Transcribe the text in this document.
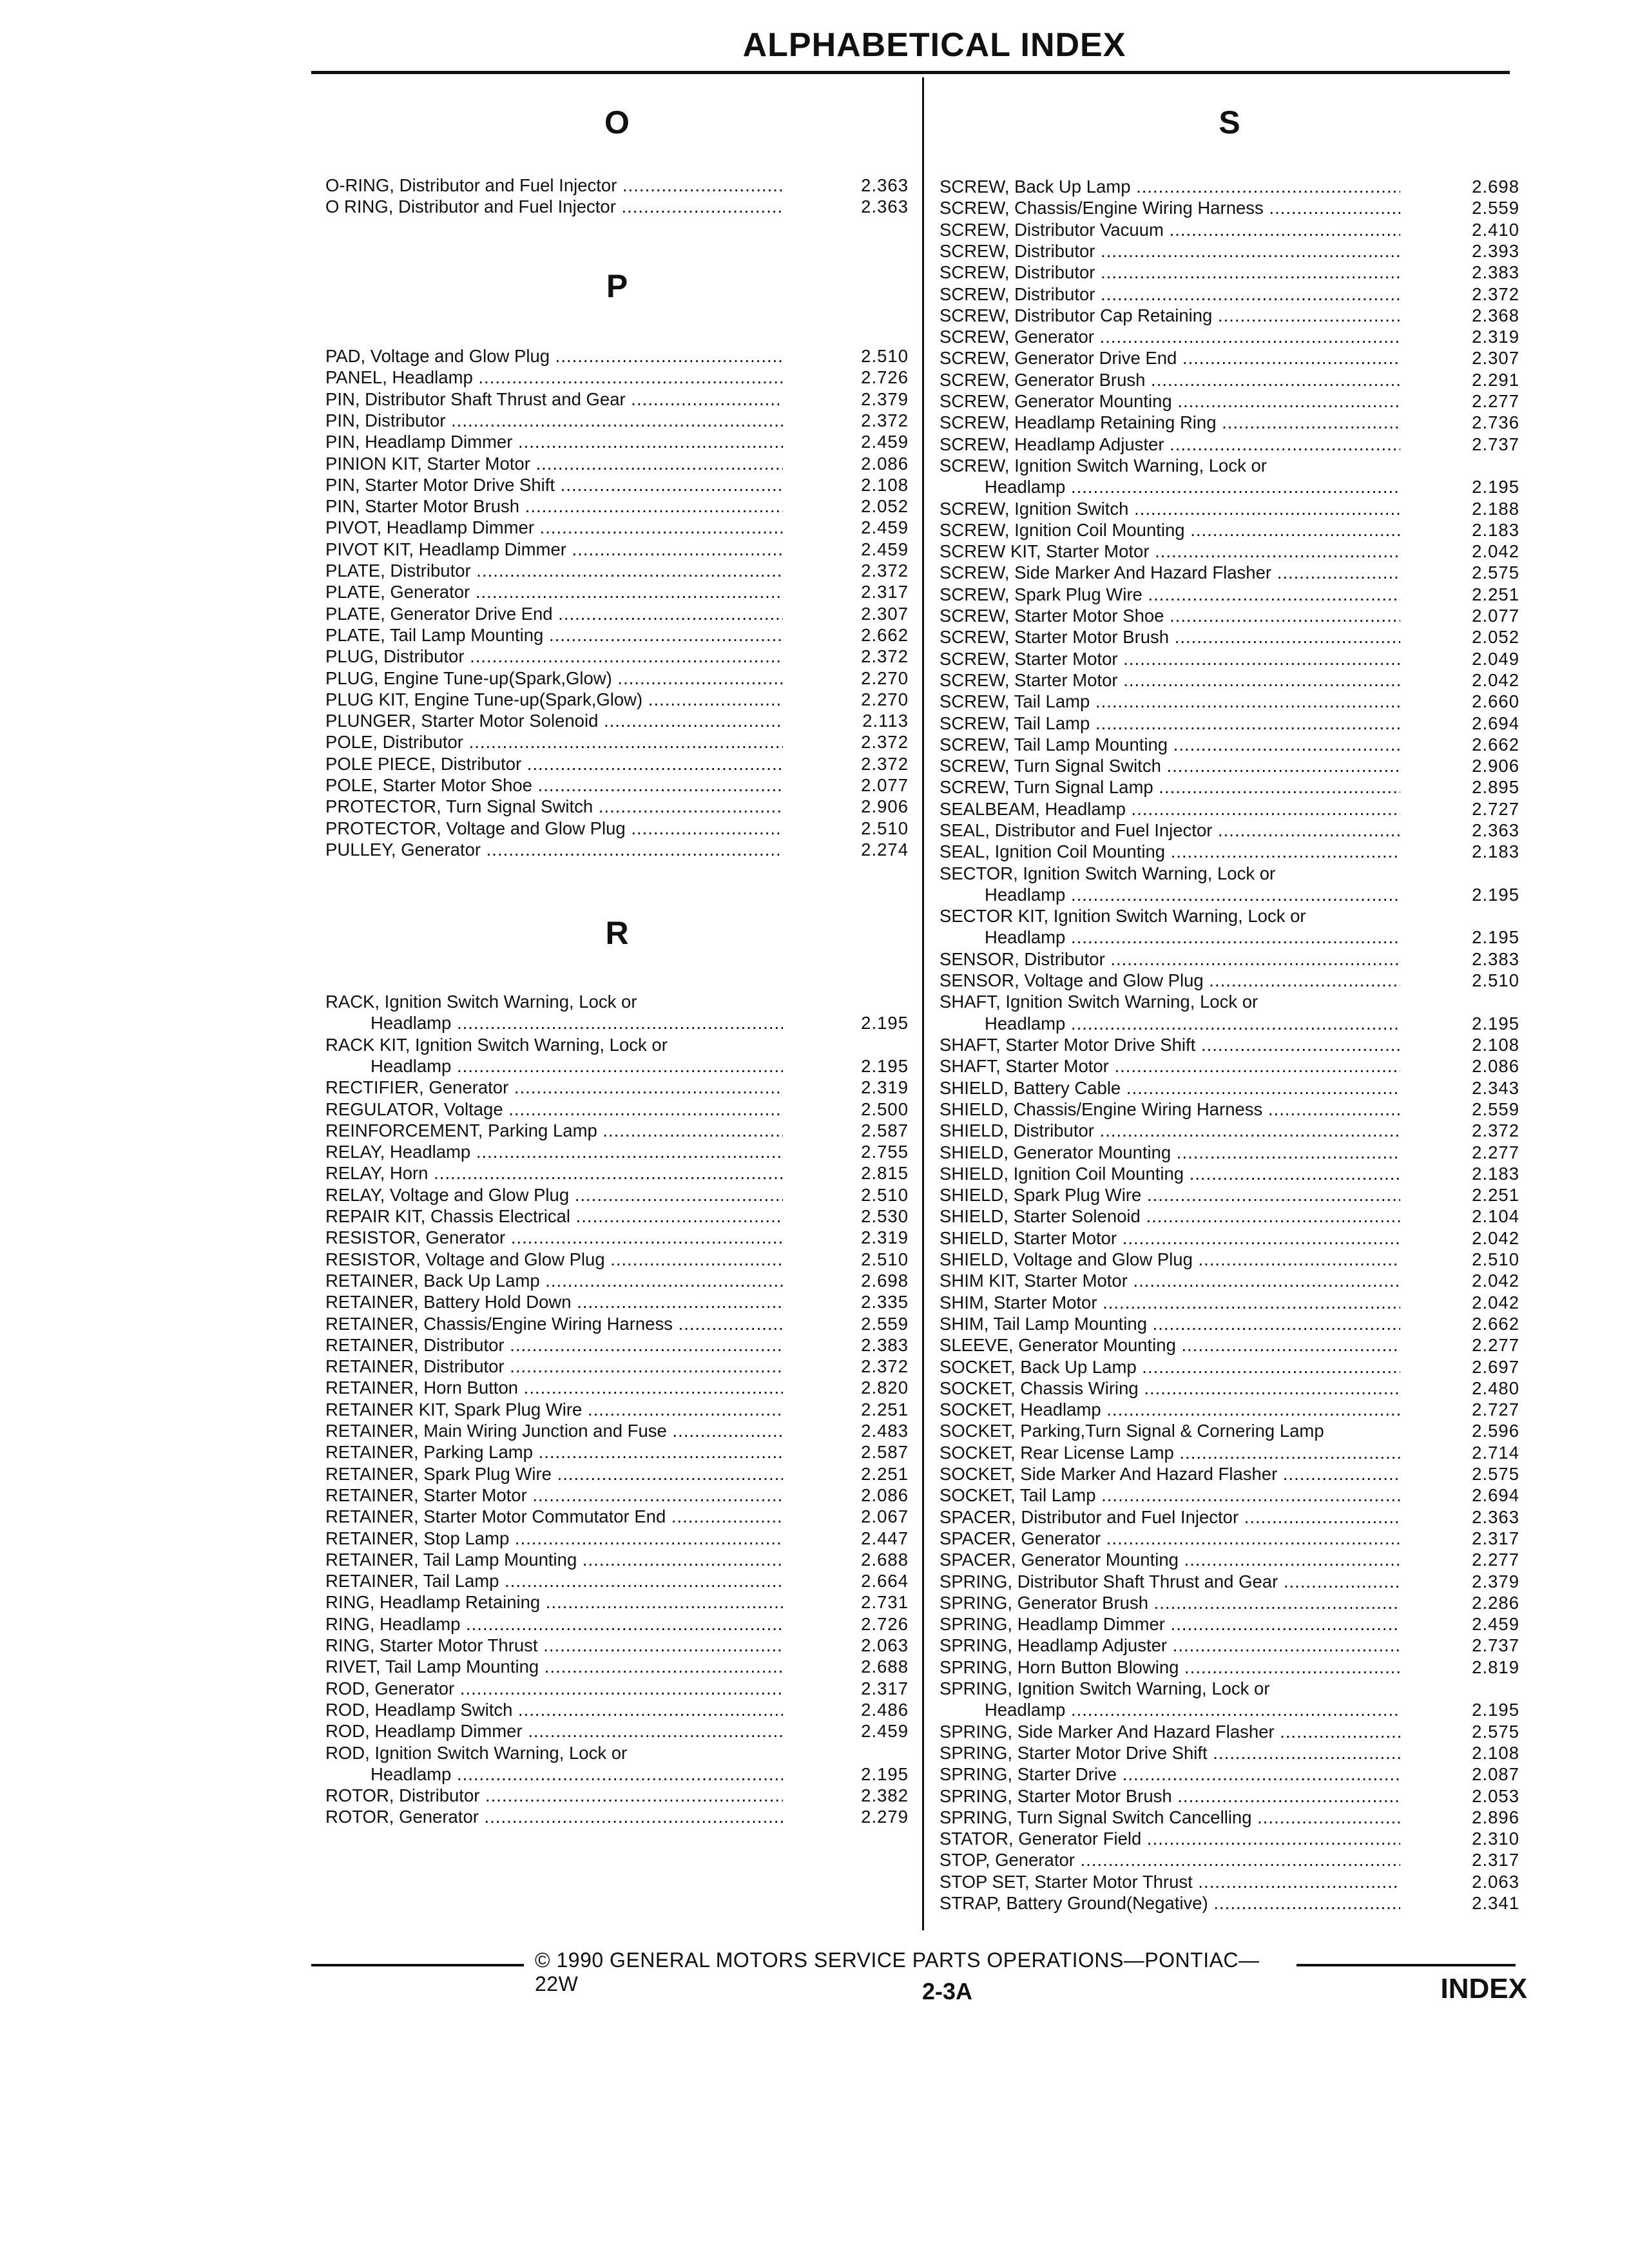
ALPHABETICAL INDEX
O
O-RING, Distributor and Fuel Injector .....	2.363
O RING, Distributor and Fuel Injector .....	2.363
P
PAD, Voltage and Glow Plug .....	2.510
PANEL, Headlamp .....	2.726
PIN, Distributor Shaft Thrust and Gear .....	2.379
PIN, Distributor .....	2.372
PIN, Headlamp Dimmer .....	2.459
PINION KIT, Starter Motor .....	2.086
PIN, Starter Motor Drive Shift .....	2.108
PIN, Starter Motor Brush .....	2.052
PIVOT, Headlamp Dimmer .....	2.459
PIVOT KIT, Headlamp Dimmer .....	2.459
PLATE, Distributor .....	2.372
PLATE, Generator .....	2.317
PLATE, Generator Drive End .....	2.307
PLATE, Tail Lamp Mounting .....	2.662
PLUG, Distributor .....	2.372
PLUG, Engine Tune-up(Spark,Glow) .....	2.270
PLUG KIT, Engine Tune-up(Spark,Glow) .....	2.270
PLUNGER, Starter Motor Solenoid .....	2.113
POLE, Distributor .....	2.372
POLE PIECE, Distributor .....	2.372
POLE, Starter Motor Shoe .....	2.077
PROTECTOR, Turn Signal Switch .....	2.906
PROTECTOR, Voltage and Glow Plug .....	2.510
PULLEY, Generator .....	2.274
R
RACK, Ignition Switch Warning, Lock or
Headlamp .....	2.195
RACK KIT, Ignition Switch Warning, Lock or
Headlamp .....	2.195
RECTIFIER, Generator .....	2.319
REGULATOR, Voltage .....	2.500
REINFORCEMENT, Parking Lamp .....	2.587
RELAY, Headlamp .....	2.755
RELAY, Horn .....	2.815
RELAY, Voltage and Glow Plug .....	2.510
REPAIR KIT, Chassis Electrical .....	2.530
RESISTOR, Generator .....	2.319
RESISTOR, Voltage and Glow Plug .....	2.510
RETAINER, Back Up Lamp .....	2.698
RETAINER, Battery Hold Down .....	2.335
RETAINER, Chassis/Engine Wiring Harness .....	2.559
RETAINER, Distributor .....	2.383
RETAINER, Distributor .....	2.372
RETAINER, Horn Button .....	2.820
RETAINER KIT, Spark Plug Wire .....	2.251
RETAINER, Main Wiring Junction and Fuse .....	2.483
RETAINER, Parking Lamp .....	2.587
RETAINER, Spark Plug Wire .....	2.251
RETAINER, Starter Motor .....	2.086
RETAINER, Starter Motor Commutator End .....	2.067
RETAINER, Stop Lamp .....	2.447
RETAINER, Tail Lamp Mounting .....	2.688
RETAINER, Tail Lamp .....	2.664
RING, Headlamp Retaining .....	2.731
RING, Headlamp .....	2.726
RING, Starter Motor Thrust .....	2.063
RIVET, Tail Lamp Mounting .....	2.688
ROD, Generator .....	2.317
ROD, Headlamp Switch .....	2.486
ROD, Headlamp Dimmer .....	2.459
ROD, Ignition Switch Warning, Lock or
Headlamp .....	2.195
ROTOR, Distributor .....	2.382
ROTOR, Generator .....	2.279
S
SCREW, Back Up Lamp .....	2.698
SCREW, Chassis/Engine Wiring Harness .....	2.559
SCREW, Distributor Vacuum .....	2.410
SCREW, Distributor .....	2.393
SCREW, Distributor .....	2.383
SCREW, Distributor .....	2.372
SCREW, Distributor Cap Retaining .....	2.368
SCREW, Generator .....	2.319
SCREW, Generator Drive End .....	2.307
SCREW, Generator Brush .....	2.291
SCREW, Generator Mounting .....	2.277
SCREW, Headlamp Retaining Ring .....	2.736
SCREW, Headlamp Adjuster .....	2.737
SCREW, Ignition Switch Warning, Lock or
Headlamp .....	2.195
SCREW, Ignition Switch .....	2.188
SCREW, Ignition Coil Mounting .....	2.183
SCREW KIT, Starter Motor .....	2.042
SCREW, Side Marker And Hazard Flasher .....	2.575
SCREW, Spark Plug Wire .....	2.251
SCREW, Starter Motor Shoe .....	2.077
SCREW, Starter Motor Brush .....	2.052
SCREW, Starter Motor .....	2.049
SCREW, Starter Motor .....	2.042
SCREW, Tail Lamp .....	2.660
SCREW, Tail Lamp .....	2.694
SCREW, Tail Lamp Mounting .....	2.662
SCREW, Turn Signal Switch .....	2.906
SCREW, Turn Signal Lamp .....	2.895
SEALBEAM, Headlamp .....	2.727
SEAL, Distributor and Fuel Injector .....	2.363
SEAL, Ignition Coil Mounting .....	2.183
SECTOR, Ignition Switch Warning, Lock or
Headlamp .....	2.195
SECTOR KIT, Ignition Switch Warning, Lock or
Headlamp .....	2.195
SENSOR, Distributor .....	2.383
SENSOR, Voltage and Glow Plug .....	2.510
SHAFT, Ignition Switch Warning, Lock or
Headlamp .....	2.195
SHAFT, Starter Motor Drive Shift .....	2.108
SHAFT, Starter Motor .....	2.086
SHIELD, Battery Cable .....	2.343
SHIELD, Chassis/Engine Wiring Harness .....	2.559
SHIELD, Distributor .....	2.372
SHIELD, Generator Mounting .....	2.277
SHIELD, Ignition Coil Mounting .....	2.183
SHIELD, Spark Plug Wire .....	2.251
SHIELD, Starter Solenoid .....	2.104
SHIELD, Starter Motor .....	2.042
SHIELD, Voltage and Glow Plug .....	2.510
SHIM KIT, Starter Motor .....	2.042
SHIM, Starter Motor .....	2.042
SHIM, Tail Lamp Mounting .....	2.662
SLEEVE, Generator Mounting .....	2.277
SOCKET, Back Up Lamp .....	2.697
SOCKET, Chassis Wiring .....	2.480
SOCKET, Headlamp .....	2.727
SOCKET, Parking,Turn Signal & Cornering Lamp	2.596
SOCKET, Rear License Lamp .....	2.714
SOCKET, Side Marker And Hazard Flasher .....	2.575
SOCKET, Tail Lamp .....	2.694
SPACER, Distributor and Fuel Injector .....	2.363
SPACER, Generator .....	2.317
SPACER, Generator Mounting .....	2.277
SPRING, Distributor Shaft Thrust and Gear .....	2.379
SPRING, Generator Brush .....	2.286
SPRING, Headlamp Dimmer .....	2.459
SPRING, Headlamp Adjuster .....	2.737
SPRING, Horn Button Blowing .....	2.819
SPRING, Ignition Switch Warning, Lock or
Headlamp .....	2.195
SPRING, Side Marker And Hazard Flasher .....	2.575
SPRING, Starter Motor Drive Shift .....	2.108
SPRING, Starter Drive .....	2.087
SPRING, Starter Motor Brush .....	2.053
SPRING, Turn Signal Switch Cancelling .....	2.896
STATOR, Generator Field .....	2.310
STOP, Generator .....	2.317
STOP SET, Starter Motor Thrust .....	2.063
STRAP, Battery Ground(Negative) .....	2.341
© 1990 GENERAL MOTORS SERVICE PARTS OPERATIONS—PONTIAC—22W	2-3A	INDEX
